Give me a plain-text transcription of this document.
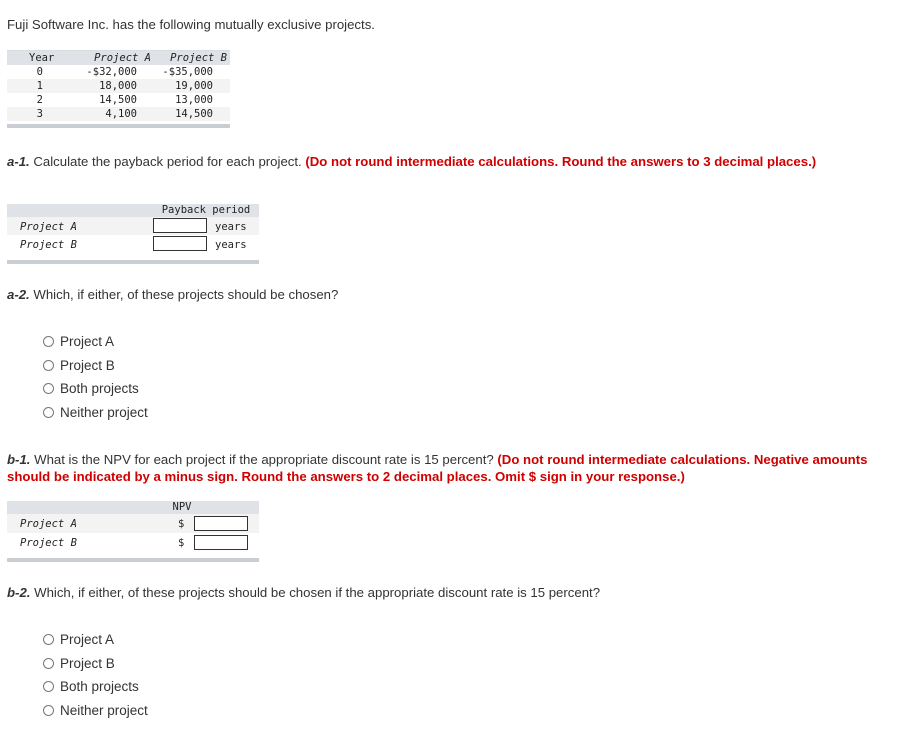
Fuji Software Inc. has the following mutually exclusive projects.
Year	Project A	Project B
0	-$32,000	-$35,000
1	18,000	19,000
2	14,500	13,000
3	4,100	14,500
a-1. Calculate the payback period for each project. (Do not round intermediate calculations. Round the answers to 3 decimal places.)
Payback period
Project A	years
Project B	years
a-2. Which, if either, of these projects should be chosen?
Project A
Project B
Both projects
Neither project
b-1. What is the NPV for each project if the appropriate discount rate is 15 percent? (Do not round intermediate calculations. Negative amounts should be indicated by a minus sign. Round the answers to 2 decimal places. Omit $ sign in your response.)
NPV
Project A	$
Project B	$
b-2. Which, if either, of these projects should be chosen if the appropriate discount rate is 15 percent?
Project A
Project B
Both projects
Neither project
